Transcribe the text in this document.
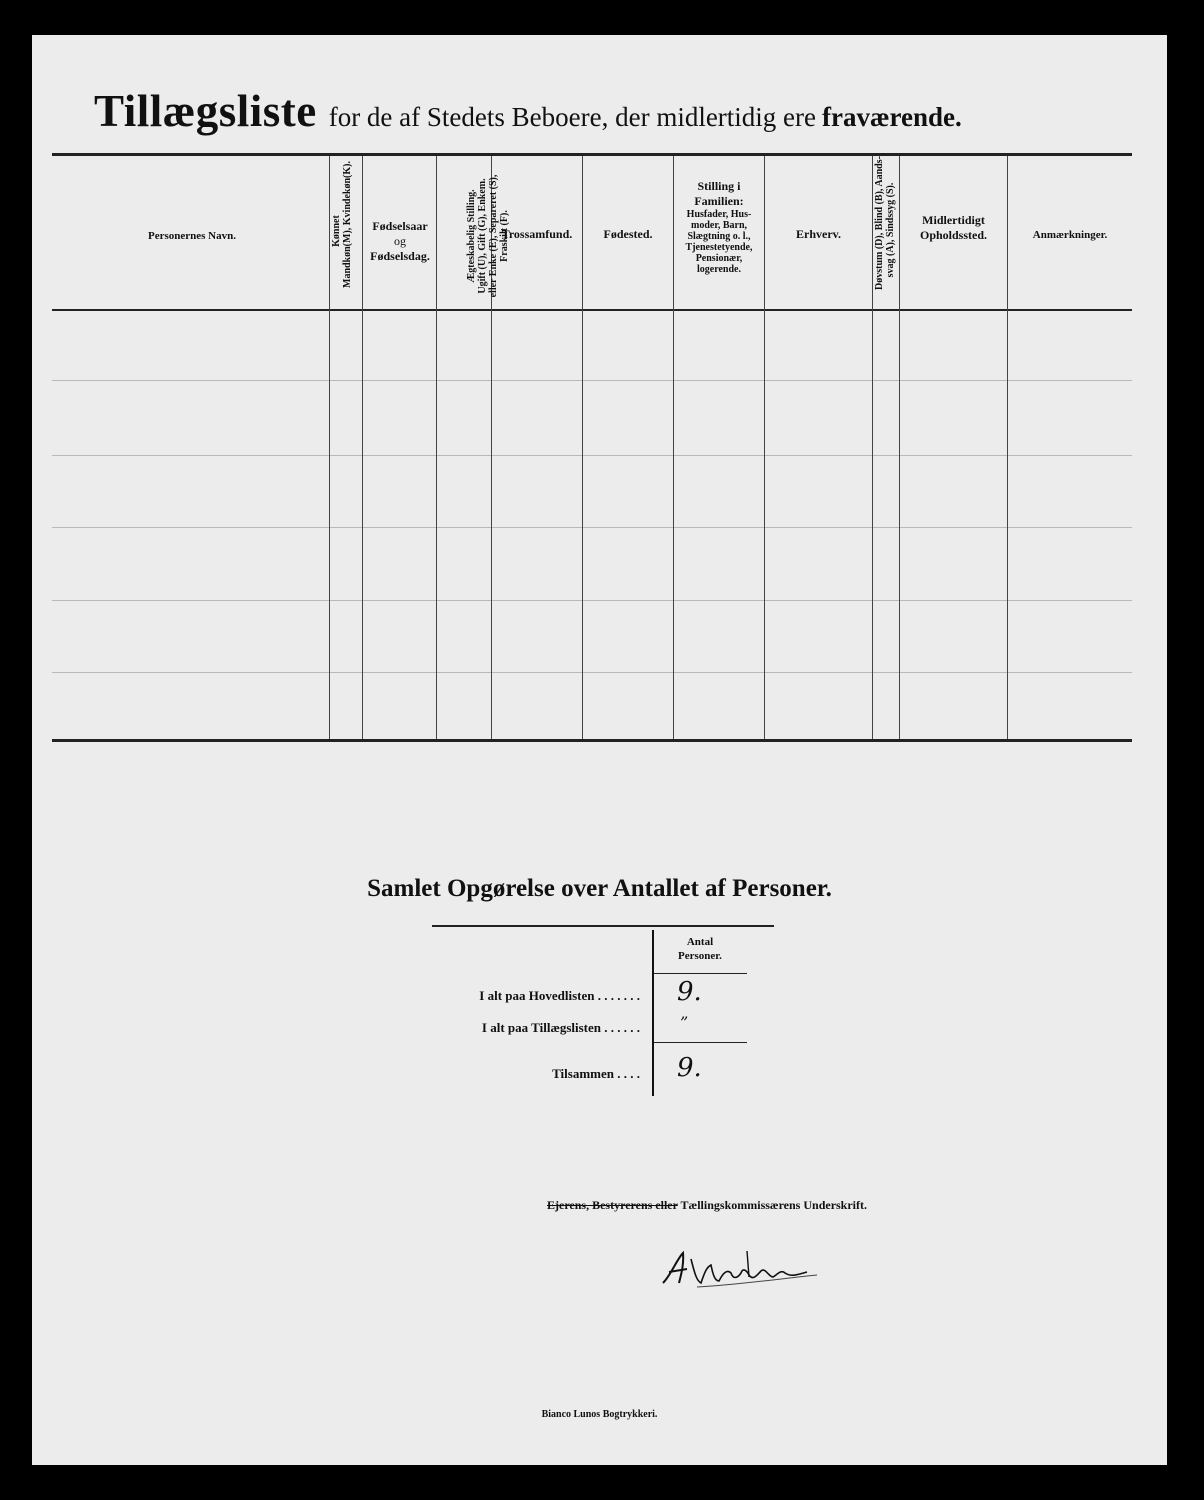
Tillægsliste for de af Stedets Beboere, der midlertidig ere fraværende.
Personernes Navn.	Kønnet Mandkøn(M), Kvindekøn(K).	Fødselsaar
og
Fødselsdag.	Ægteskabelig Stilling. Ugift (U), Gift (G), Enkem. eller Enke (E), Separeret (S), Fraskilt (F).
Trossamfund.	Fødested.
Stilling i
Familien:
Husfader, Hus-
moder, Barn,
Slægtning o. l.,
Tjenestetyende,
Pensionær,
logerende.
Erhverv.	Døvstum (D), Blind (B), Aands- svag (A), Sindssyg (S).	Midlertidigt
Opholdssted.	Anmærkninger.
Samlet Opgørelse over Antallet af Personer.
Antal
Personer.
I alt paa Hovedlisten . . . . . . . 9.
I alt paa Tillægslisten . . . . . .	”
Tilsammen . . . . 9.
Ejerens, Bestyrerens eller Tællingskommissærens Underskrift.
Bianco Lunos Bogtrykkeri.
